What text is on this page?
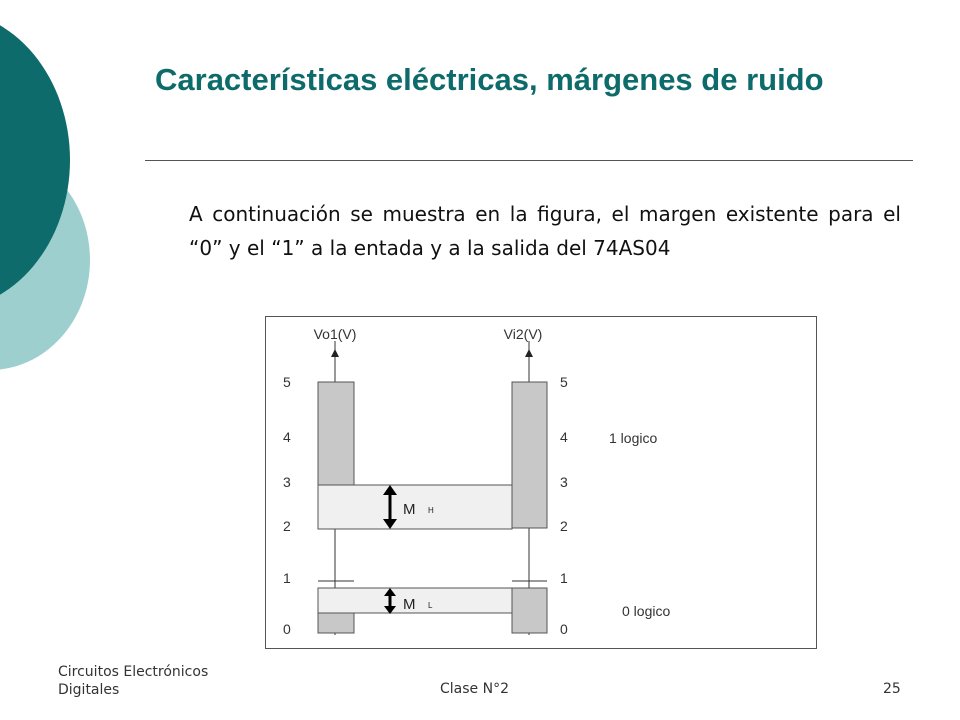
Características eléctricas, márgenes de ruido

A continuación se muestra en la figura, el margen existente para el “0” y el “1” a la entada y a la salida del 74AS04

Vo1(V)	Vi2(V)
5
4
3
2
1
0
5
4
3
2
1
0
M H
M L
1 logico
0 logico
Circuitos Electrónicos
Digitales	Clase N°2	25
